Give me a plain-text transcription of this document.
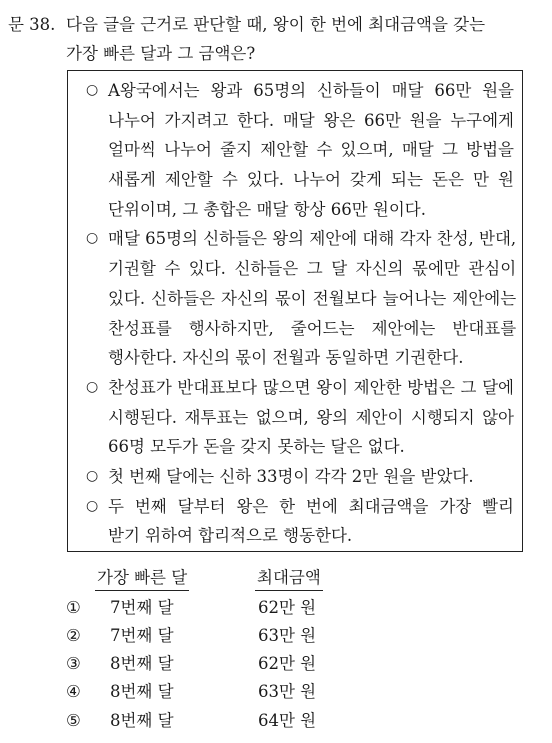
문 38. 다음 글을 근거로 판단할 때, 왕이 한 번에 최대금액을 갖는
가장 빠른 달과 그 금액은?
○ A왕국에서는 왕과 65명의 신하들이 매달 66만 원을
나누어 가지려고 한다. 매달 왕은 66만 원을 누구에게
얼마씩 나누어 줄지 제안할 수 있으며, 매달 그 방법을
새롭게 제안할 수 있다. 나누어 갖게 되는 돈은 만 원
단위이며, 그 총합은 매달 항상 66만 원이다.
○ 매달 65명의 신하들은 왕의 제안에 대해 각자 찬성, 반대,
기권할 수 있다. 신하들은 그 달 자신의 몫에만 관심이
있다. 신하들은 자신의 몫이 전월보다 늘어나는 제안에는
찬성표를 행사하지만, 줄어드는 제안에는 반대표를
행사한다. 자신의 몫이 전월과 동일하면 기권한다.
○ 찬성표가 반대표보다 많으면 왕이 제안한 방법은 그 달에
시행된다. 재투표는 없으며, 왕의 제안이 시행되지 않아
66명 모두가 돈을 갖지 못하는 달은 없다.
○ 첫 번째 달에는 신하 33명이 각각 2만 원을 받았다.
○ 두 번째 달부터 왕은 한 번에 최대금액을 가장 빨리
받기 위하여 합리적으로 행동한다.
가장 빠른 달	최대금액
① 7번째 달	62만 원
② 7번째 달	63만 원
③ 8번째 달	62만 원
④ 8번째 달	63만 원
⑤ 8번째 달	64만 원
